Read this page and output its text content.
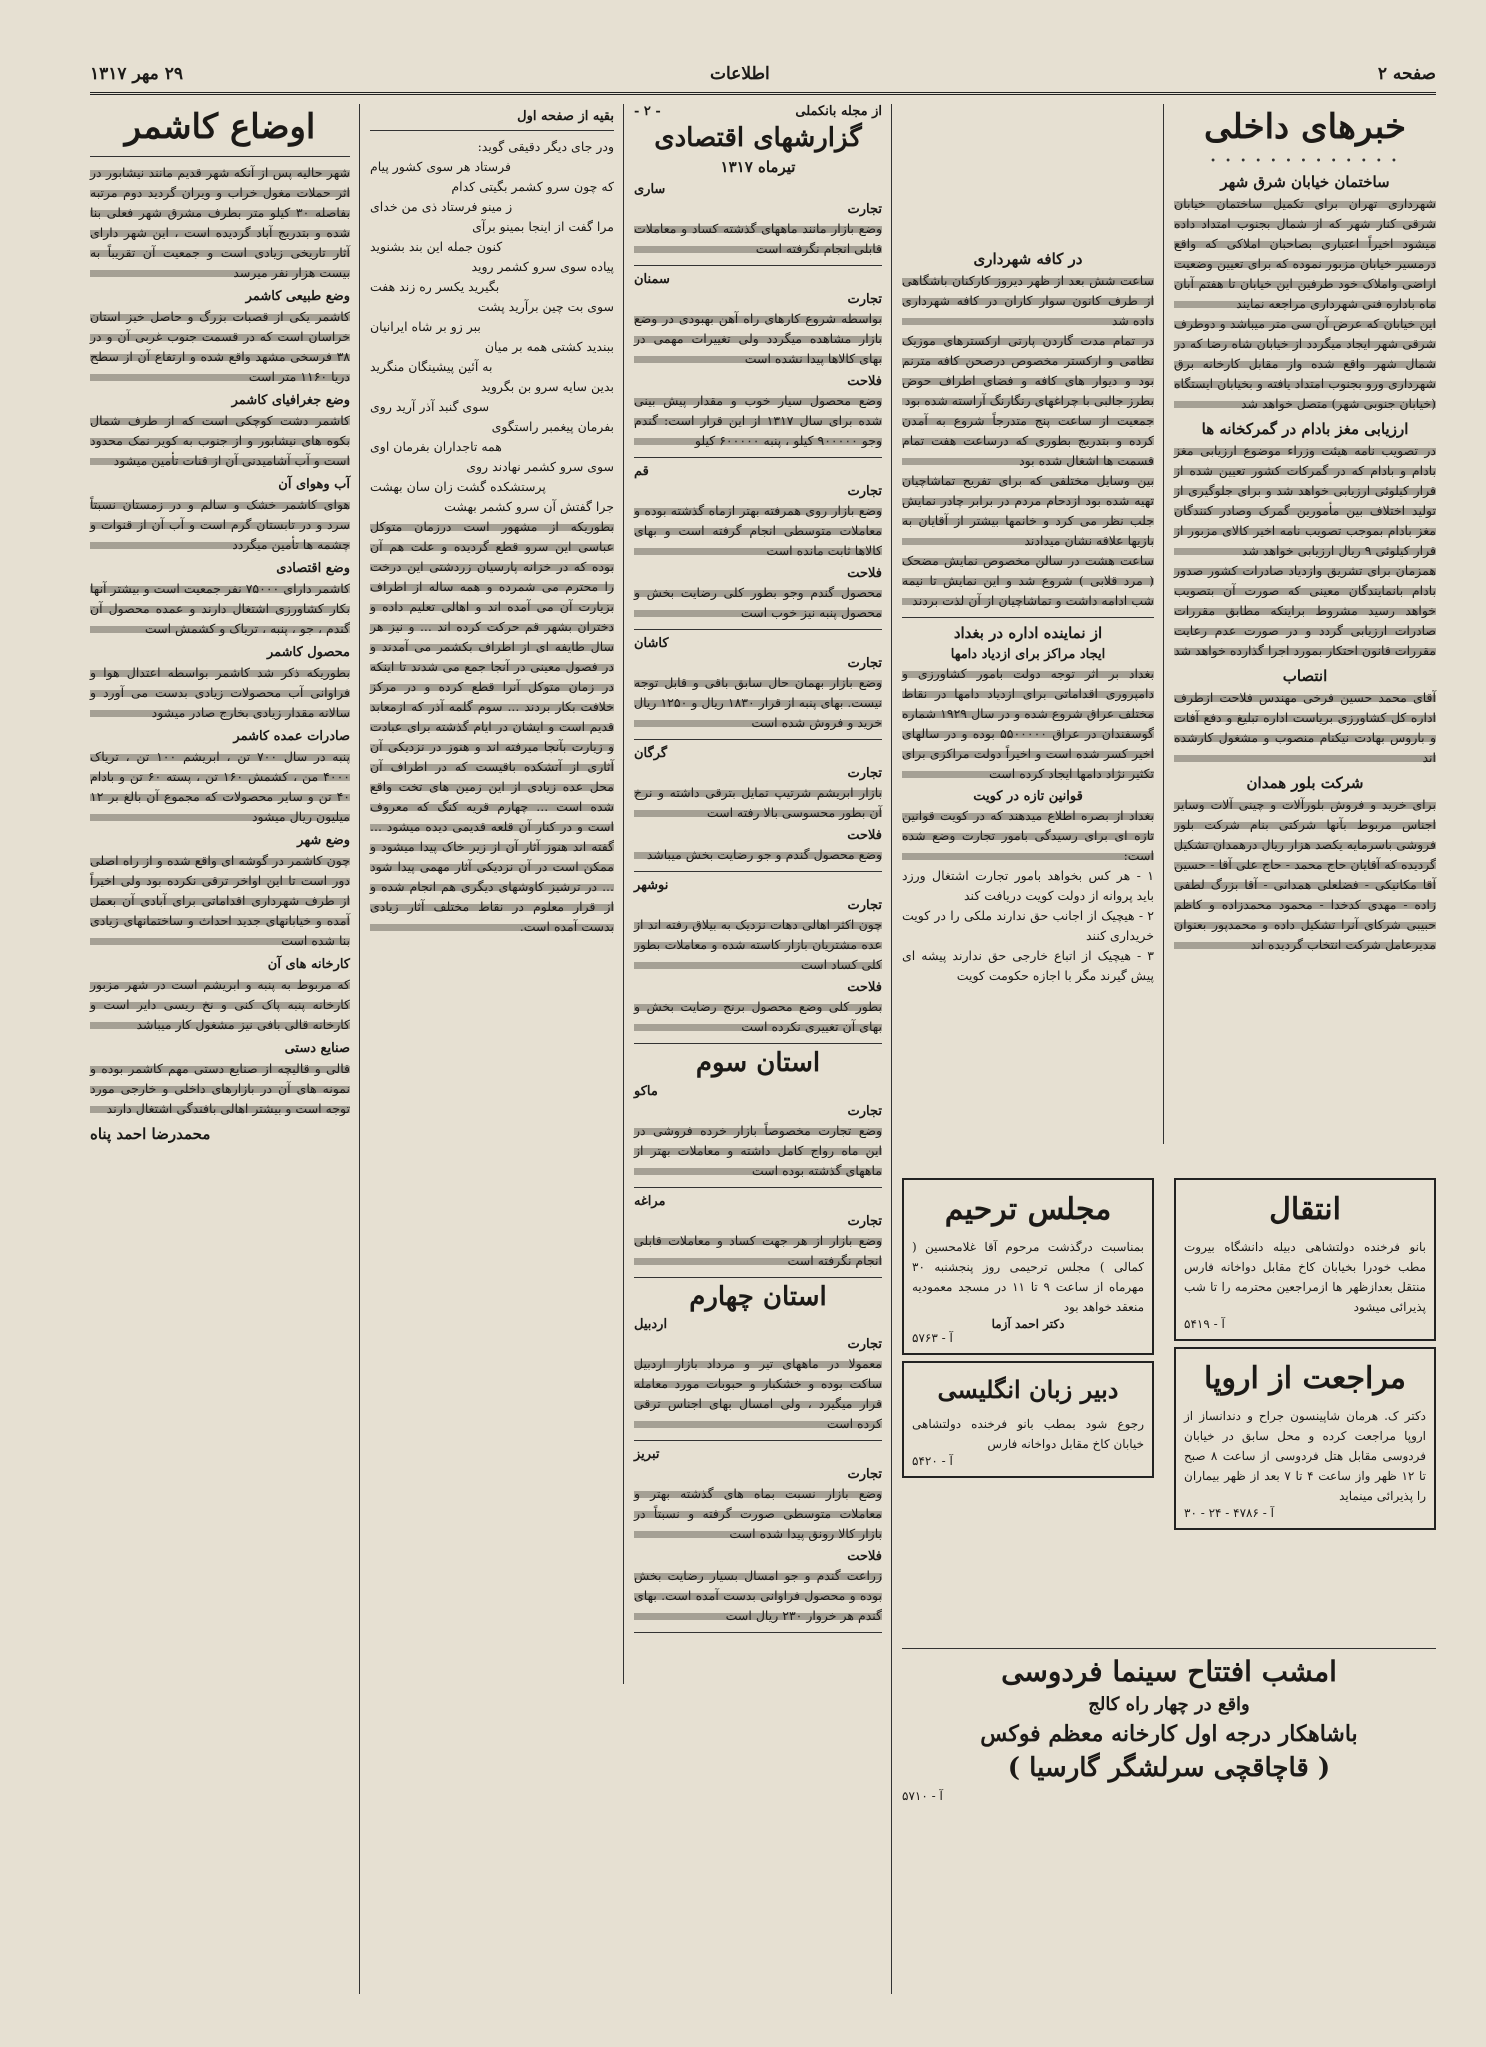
صفحه ۲
اطلاعات
۲۹ مهر ۱۳۱۷
خبرهای داخلی
• • • • • • • • • • • • •
ساختمان خیابان شرق شهر
شهرداری تهران برای تکمیل ساختمان خیابان شرقی کنار شهر که از شمال بجنوب امتداد داده میشود اخیراً اعتباری بصاحبان املاکی که واقع درمسیر خیابان مزبور نموده که برای تعیین وضعیت اراضی واملاک خود طرفین این خیابان تا هفتم آبان ماه باداره فنی شهرداری مراجعه نمایند
این خیابان که عرض آن سی متر میباشد و دوطرف شرقی شهر ایجاد میگردد از خیابان شاه رضا که در شمال شهر واقع شده واز مقابل کارخانه برق شهرداری ورو بجنوب امتداد یافته و بخیابان ایستگاه (خیابان جنوبی شهر) متصل خواهد شد
ارزیابی مغز بادام در گمرکخانه ها
در تصویب نامه هیئت وزراء موضوع ارزیابی مغز بادام و بادام که در گمرکات کشور تعیین شده از قرار کیلوئی ارزیابی خواهد شد و برای جلوگیری از تولید اختلاف بین مأمورین گمرک وصادر کنندگان مغز بادام بموجب تصویب نامه اخیر کالای مزبور از قرار کیلوئی ۹ ریال ارزیابی خواهد شد
همزمان برای تشریق وازدیاد صادرات کشور صدور بادام بانمایندگان معینی که صورت آن بتصویب خواهد رسید مشروط براینکه مطابق مقررات صادرات ارزیابی گردد و در صورت عدم رعایت مقررات قانون احتکار بمورد اجرا گذارده خواهد شد
انتصاب
آقای محمد حسین فرخی مهندس فلاحت ازطرف اداره کل کشاورزی بریاست اداره تبلیغ و دفع آفات و باروس بهادت نیکنام منصوب و مشغول کارشده اند
شرکت بلور همدان
برای خرید و فروش بلورآلات و چینی آلات وسایر اجناس مربوط بآنها شرکتی بنام شرکت بلور فروشی باسرمایه یکصد هزار ریال درهمدان تشکیل گردیده که آقایان حاج محمد - حاج علی آقا - حسین آقا مکانیکی - فضلعلی همدانی - آقا بزرگ لطفی زاده - مهدی کدخدا - محمود محمدزاده و کاظم حبیبی شرکای آنرا تشکیل داده و محمدپور بعنوان مدیرعامل شرکت انتخاب گردیده اند
انتقال
بانو فرخنده دولتشاهی دبیله دانشگاه بیروت مطب خودرا بخیابان کاخ مقابل دواخانه فارس منتقل بعدازظهر ها ازمراجعین محترمه را تا شب پذیرائی میشود
آ - ۵۴۱۹
مراجعت از اروپا
دکتر ک. هرمان شاپینسون جراح و دندانساز از اروپا مراجعت کرده و محل سابق در خیابان فردوسی مقابل هتل فردوسی از ساعت ۸ صبح تا ۱۲ ظهر واز ساعت ۴ تا ۷ بعد از ظهر بیماران را پذیرائی مینماید
آ - ۴۷۸۶ - ۲۴ - ۳۰
در کافه شهرداری
ساعت شش بعد از ظهر دیروز کارکنان باشگاهی از طرف کانون سوار کاران در کافه شهرداری داده شد
در تمام مدت گاردن پارتی ارکسترهای موزیک نظامی و ارکستر مخصوص درصحن کافه مترنم بود و دیوار های کافه و فضای اطراف حوض بطرز جالبی با چراغهای رنگارنگ آراسته شده بود
جمعیت از ساعت پنج متدرجاً شروع به آمدن کرده و بتدریج بطوری که درساعت هفت تمام قسمت ها اشغال شده بود
بین وسایل مختلفی که برای تفریح تماشاچیان تهیه شده بود ازدحام مردم در برابر چادر نمایش جلب نظر می کرد و خانمها بیشتر از آقایان به بازیها علاقه نشان میدادند
ساعت هشت در سالن مخصوص نمایش مضحک ( مرد قلابی ) شروع شد و این نمایش تا نیمه شب ادامه داشت و تماشاچیان از آن لذت بردند
از نماینده اداره در بغداد
ایجاد مراکز برای ازدیاد دامها
بغداد بر اثر توجه دولت بامور کشاورزی و دامپروری اقداماتی برای ازدیاد دامها در نقاط مختلف عراق شروع شده و در سال ۱۹۲۹ شماره گوسفندان در عراق ۵۵۰۰۰۰۰ بوده و در سالهای اخیر کسر شده است و اخیراً دولت مراکزی برای تکثیر نژاد دامها ایجاد کرده است
قوانین تازه در کویت
بغداد از بصره اطلاع میدهند که در کویت قوانین تازه ای برای رسیدگی بامور تجارت وضع شده است:
۱ - هر کس بخواهد بامور تجارت اشتغال ورزد باید پروانه از دولت کویت دریافت کند
۲ - هیچیک از اجانب حق ندارند ملکی را در کویت خریداری کنند
۳ - هیچیک از اتباع خارجی حق ندارند پیشه ای پیش گیرند مگر با اجازه حکومت کویت
مجلس ترحیم
بمناسبت درگذشت مرحوم آقا غلامحسین ( کمالی ) مجلس ترحیمی روز پنجشنبه ۳۰ مهرماه از ساعت ۹ تا ۱۱ در مسجد معمودیه منعقد خواهد بود
دکتر احمد آزما
آ - ۵۷۶۳
دبیر زبان انگلیسی
رجوع شود بمطب بانو فرخنده دولتشاهی خیابان کاخ مقابل دواخانه فارس
آ - ۵۴۲۰
از مجله بانکملی
- ۲ -
گزارشهای اقتصادی
تیرماه ۱۳۱۷
ساری
تجارت
وضع بازار مانند ماههای گذشته کساد و معاملات قابلی انجام نگرفته است
سمنان
تجارت
بواسطه شروع کارهای راه آهن بهبودی در وضع بازار مشاهده میگردد ولی تغییرات مهمی در بهای کالاها پیدا نشده است
فلاحت
وضع محصول سیار خوب و مقدار پیش بینی شده برای سال ۱۳۱۷ از این قرار است: گندم وجو ۹۰۰۰۰۰ کیلو ، پنبه ۶۰۰۰۰۰ کیلو
قم
تجارت
وضع بازار روی همرفته بهتر ازماه گذشته بوده و معاملات متوسطی انجام گرفته است و بهای کالاها ثابت مانده است
فلاحت
محصول گندم وجو بطور کلی رضایت بخش و محصول پنبه نیز خوب است
کاشان
تجارت
وضع بازار بهمان حال سابق باقی و قابل توجه نیست. بهای پنبه از قرار ۱۸۳۰ ریال و ۱۲۵۰ ریال خرید و فروش شده است
گرگان
تجارت
بازار ابریشم شرتیپ تمایل بترقی داشته و نرخ آن بطور محسوسی بالا رفته است
فلاحت
وضع محصول گندم و جو رضایت بخش میباشد
نوشهر
تجارت
چون اکثر اهالی دهات نزدیک به بیلاق رفته اند از عده مشتریان بازار کاسته شده و معاملات بطور کلی کساد است
فلاحت
بطور کلی وضع محصول برنج رضایت بخش و بهای آن تغییری نکرده است
استان سوم
ماکو
تجارت
وضع تجارت مخصوصاً بازار خرده فروشی در این ماه رواج کامل داشته و معاملات بهتر از ماههای گذشته بوده است
مراغه
تجارت
وضع بازار از هر جهت کساد و معاملات قابلی انجام نگرفته است
استان چهارم
اردبیل
تجارت
معمولا در ماههای تیر و مرداد بازار اردبیل ساکت بوده و خشکبار و حبوبات مورد معامله قرار میگیرد ، ولی امسال بهای اجناس ترقی کرده است
تبریز
تجارت
وضع بازار نسبت بماه های گذشته بهتر و معاملات متوسطی صورت گرفته و نسبتاً در بازار کالا رونق پیدا شده است
فلاحت
زراعت گندم و جو امسال بسیار رضایت بخش بوده و محصول فراوانی بدست آمده است. بهای گندم هر خروار ۲۳۰ ریال است
بقیه از صفحه اول
ودر جای دیگر دقیقی گوید:
فرستاد هر سوی کشور پیام
که چون سرو کشمر بگیتی کدام
ز مینو فرستاد ذی من خدای
مرا گفت از اینجا بمینو برآی
کنون جمله این بند بشنوید
پیاده سوی سرو کشمر روید
بگیرید یکسر ره زند هفت
سوی بت چین برآرید پشت
ببر زو بر شاه ایرانیان
ببندید کشتی همه بر میان
به آئین پیشینگان منگرید
بدین سایه سرو بن بگروید
سوی گنبد آذر آرید روی
بفرمان پیغمبر راستگوی
همه تاجداران بفرمان اوی
سوی سرو کشمر نهادند روی
پرستشکده گشت زان سان بهشت
جرا گفتش آن سرو کشمر بهشت
بطوریکه از مشهور است درزمان متوکل عباسی این سرو قطع گردیده و علت هم آن بوده که در خزانه پارسیان زردشتی این درخت را محترم می شمرده و همه ساله از اطراف بزیارت آن می آمده اند و اهالی تعلیم داده و دختران بشهر قم حرکت کرده اند ... و نیز هر سال طایفه ای از اطراف بکشمر می آمدند و در فصول معینی در آنجا جمع می شدند تا اینکه در زمان متوکل آنرا قطع کرده و در مرکز خلافت بکار بردند ... سوم گلمه آذر که ازمعابد قدیم است و ایشان در ایام گذشته برای عبادت و زیارت بآنجا میرفته اند و هنوز در نزدیکی آن آثاری از آتشکده باقیست که در اطراف آن محل عده زیادی از این زمین های تخت واقع شده است ... چهارم قریه کنگ که معروف است و در کنار آن قلعه قدیمی دیده میشود ... گفته اند هنوز آثار آن از زیر خاک پیدا میشود و ممکن است در آن نزدیکی آثار مهمی پیدا شود ... در ترشیز کاوشهای دیگری هم انجام شده و از قرار معلوم در نقاط مختلف آثار زیادی بدست آمده است.
اوضاع کاشمر
شهر حالیه پس از آنکه شهر قدیم مانند نیشابور در اثر حملات مغول خراب و ویران گردید دوم مرتبه بفاصله ۳۰ کیلو متر بطرف مشرق شهر فعلی بنا شده و بتدریج آباد گردیده است ، این شهر دارای آثار تاریخی زیادی است و جمعیت آن تقریباً به بیست هزار نفر میرسد
وضع طبیعی کاشمر
کاشمر یکی از قصبات بزرگ و حاصل خیز استان خراسان است که در قسمت جنوب غربی آن و در ۳۸ فرسخی مشهد واقع شده و ارتفاع آن از سطح دریا ۱۱۶۰ متر است
وضع جغرافیای کاشمر
کاشمر دشت کوچکی است که از طرف شمال بکوه های نیشابور و از جنوب به کویر نمک محدود است و آب آشامیدنی آن از قنات تأمین میشود
آب وهوای آن
هوای کاشمر خشک و سالم و در زمستان نسبتاً سرد و در تابستان گرم است و آب آن از قنوات و چشمه ها تأمین میگردد
وضع اقتصادی
کاشمر دارای ۷۵۰۰۰ نفر جمعیت است و بیشتر آنها بکار کشاورزی اشتغال دارند و عمده محصول آن گندم ، جو ، پنبه ، تریاک و کشمش است
محصول کاشمر
بطوریکه ذکر شد کاشمر بواسطه اعتدال هوا و فراوانی آب محصولات زیادی بدست می آورد و سالانه مقدار زیادی بخارج صادر میشود
صادرات عمده کاشمر
پنبه در سال ۷۰۰ تن ، ابریشم ۱۰۰ تن ، تریاک ۴۰۰۰ من ، کشمش ۱۶۰ تن ، پسته ۶۰ تن و بادام ۴۰ تن و سایر محصولات که مجموع آن بالغ بر ۱۲ میلیون ریال میشود
وضع شهر
چون کاشمر در گوشه ای واقع شده و از راه اصلی دور است تا این اواخر ترقی نکرده بود ولی اخیراً از طرف شهرداری اقداماتی برای آبادی آن بعمل آمده و خیابانهای جدید احداث و ساختمانهای زیادی بنا شده است
کارخانه های آن
که مربوط به پنبه و ابریشم است در شهر مزبور کارخانه پنبه پاک کنی و نخ ریسی دایر است و کارخانه قالی بافی نیز مشغول کار میباشد
صنایع دستی
قالی و قالیچه از صنایع دستی مهم کاشمر بوده و نمونه های آن در بازارهای داخلی و خارجی مورد توجه است و بیشتر اهالی بافندگی اشتغال دارند
محمدرضا احمد پناه
امشب افتتاح سینما فردوسی
واقع در چهار راه کالج
باشاهکار درجه اول کارخانه معظم فوکس
( قاچاقچی سرلشگر گارسیا )
آ - ۵۷۱۰
